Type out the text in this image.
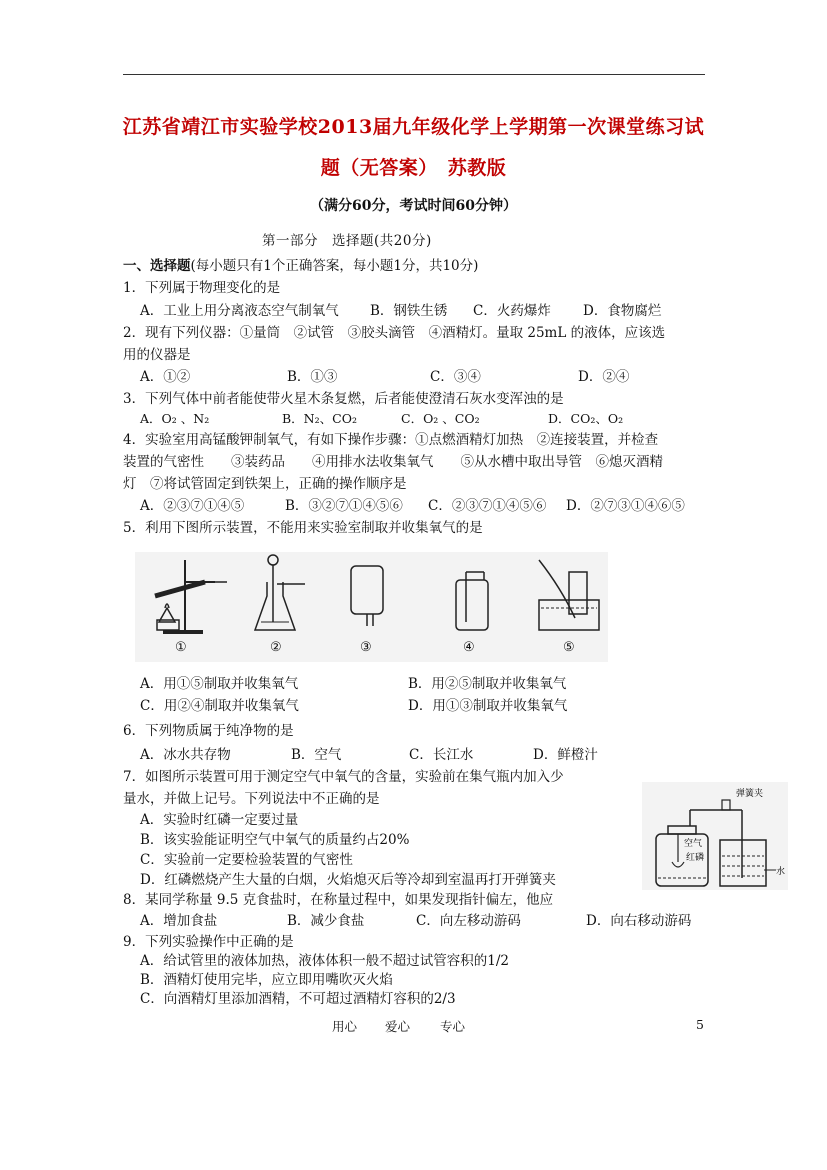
江苏省靖江市实验学校2013届九年级化学上学期第一次课堂练习试
题（无答案）　苏教版
（满分60分，考试时间60分钟）
第一部分　选择题(共20分)
一、选择题(每小题只有1个正确答案，每小题1分，共10分)
1．下列属于物理变化的是
A．工业上用分离液态空气制氧气 B．钢铁生锈 C．火药爆炸 D．食物腐烂
2．现有下列仪器：①量筒　②试管　③胶头滴管　④酒精灯。量取 25mL 的液体，应该选
用的仪器是
A．①②	B．①③	C．③④	D．②④
3．下列气体中前者能使带火星木条复燃，后者能使澄清石灰水变浑浊的是
A．O₂ 、N₂	B．N₂、CO₂	C．O₂ 、CO₂	D．CO₂、O₂
4．实验室用高锰酸钾制氧气，有如下操作步骤：①点燃酒精灯加热　②连接装置，并检查
装置的气密性　　③装药品　　④用排水法收集氧气　　⑤从水槽中取出导管　⑥熄灭酒精
灯　⑦将试管固定到铁架上，正确的操作顺序是
A．②③⑦①④⑤	B．③②⑦①④⑤⑥ C．②③⑦①④⑤⑥ D．②⑦③①④⑥⑤
5．利用下图所示装置，不能用来实验室制取并收集氧气的是
①	②	③	④	⑤
A．用①⑤制取并收集氧气	B．用②⑤制取并收集氧气
C．用②④制取并收集氧气	D．用①③制取并收集氧气
6．下列物质属于纯净物的是
A．冰水共存物	B．空气	C．长江水	D．鲜橙汁
7．如图所示装置可用于测定空气中氧气的含量，实验前在集气瓶内加入少
量水，并做上记号。下列说法中不正确的是
A．实验时红磷一定要过量
B．该实验能证明空气中氧气的质量约占20%
C．实验前一定要检验装置的气密性
D．红磷燃烧产生大量的白烟，火焰熄灭后等冷却到室温再打开弹簧夹
弹簧夹
空气
红磷
水
8．某同学称量 9.5 克食盐时，在称量过程中，如果发现指针偏左，他应
A．增加食盐	B．减少食盐	C．向左移动游码	D．向右移动游码
9．下列实验操作中正确的是
A．给试管里的液体加热，液体体积一般不超过试管容积的1/2
B．酒精灯使用完毕，应立即用嘴吹灭火焰
C．向酒精灯里添加酒精，不可超过酒精灯容积的2/3
用心 爱心 专心	5
